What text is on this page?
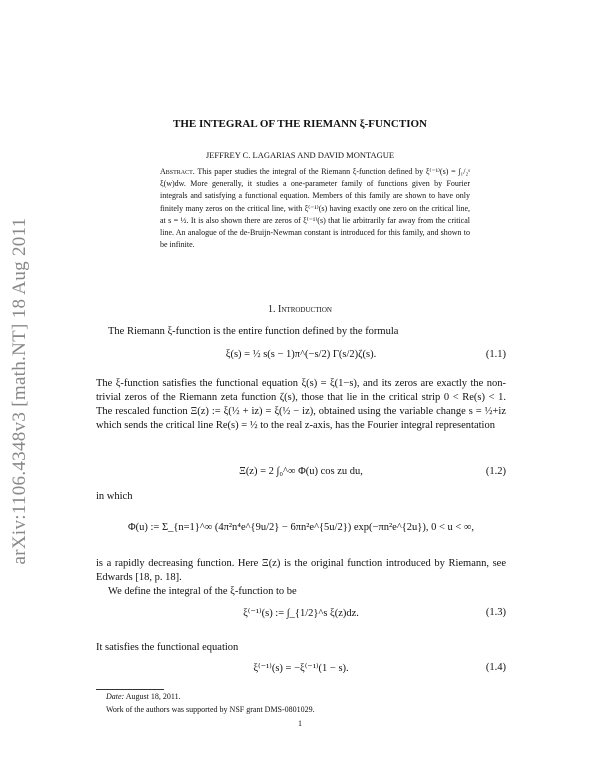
arXiv:1106.4348v3 [math.NT] 18 Aug 2011
THE INTEGRAL OF THE RIEMANN ξ-FUNCTION
JEFFREY C. LAGARIAS AND DAVID MONTAGUE
Abstract. This paper studies the integral of the Riemann ξ-function defined by ξ⁽⁻¹⁾(s) = ∫₁/₂ˢ ξ(w)dw. More generally, it studies a one-parameter family of functions given by Fourier integrals and satisfying a functional equation. Members of this family are shown to have only finitely many zeros on the critical line, with ξ⁽⁻¹⁾(s) having exactly one zero on the critical line, at s = ½. It is also shown there are zeros of ξ⁽⁻¹⁾(s) that lie arbitrarily far away from the critical line. An analogue of the de-Bruijn-Newman constant is introduced for this family, and shown to be infinite.
1. Introduction
The Riemann ξ-function is the entire function defined by the formula
ξ(s) = ½ s(s − 1)π^(−s/2) Γ(s/2)ζ(s).	(1.1)
The ξ-function satisfies the functional equation ξ(s) = ξ(1−s), and its zeros are exactly the non-trivial zeros of the Riemann zeta function ζ(s), those that lie in the critical strip 0 < Re(s) < 1. The rescaled function Ξ(z) := ξ(½ + iz) = ξ(½ − iz), obtained using the variable change s = ½+iz which sends the critical line Re(s) = ½ to the real z-axis, has the Fourier integral representation
Ξ(z) = 2 ∫₀^∞ Φ(u) cos zu du,	(1.2)
in which
Φ(u) := Σ_{n=1}^∞ (4π²n⁴e^{9u/2} − 6πn²e^{5u/2}) exp(−πn²e^{2u}), 0 < u < ∞,
is a rapidly decreasing function. Here Ξ(z) is the original function introduced by Riemann, see Edwards [18, p. 18].
We define the integral of the ξ-function to be
ξ⁽⁻¹⁾(s) := ∫_{1/2}^s ξ(z)dz.	(1.3)
It satisfies the functional equation
ξ⁽⁻¹⁾(s) = −ξ⁽⁻¹⁾(1 − s).	(1.4)
Date: August 18, 2011.
Work of the authors was supported by NSF grant DMS-0801029.
1
